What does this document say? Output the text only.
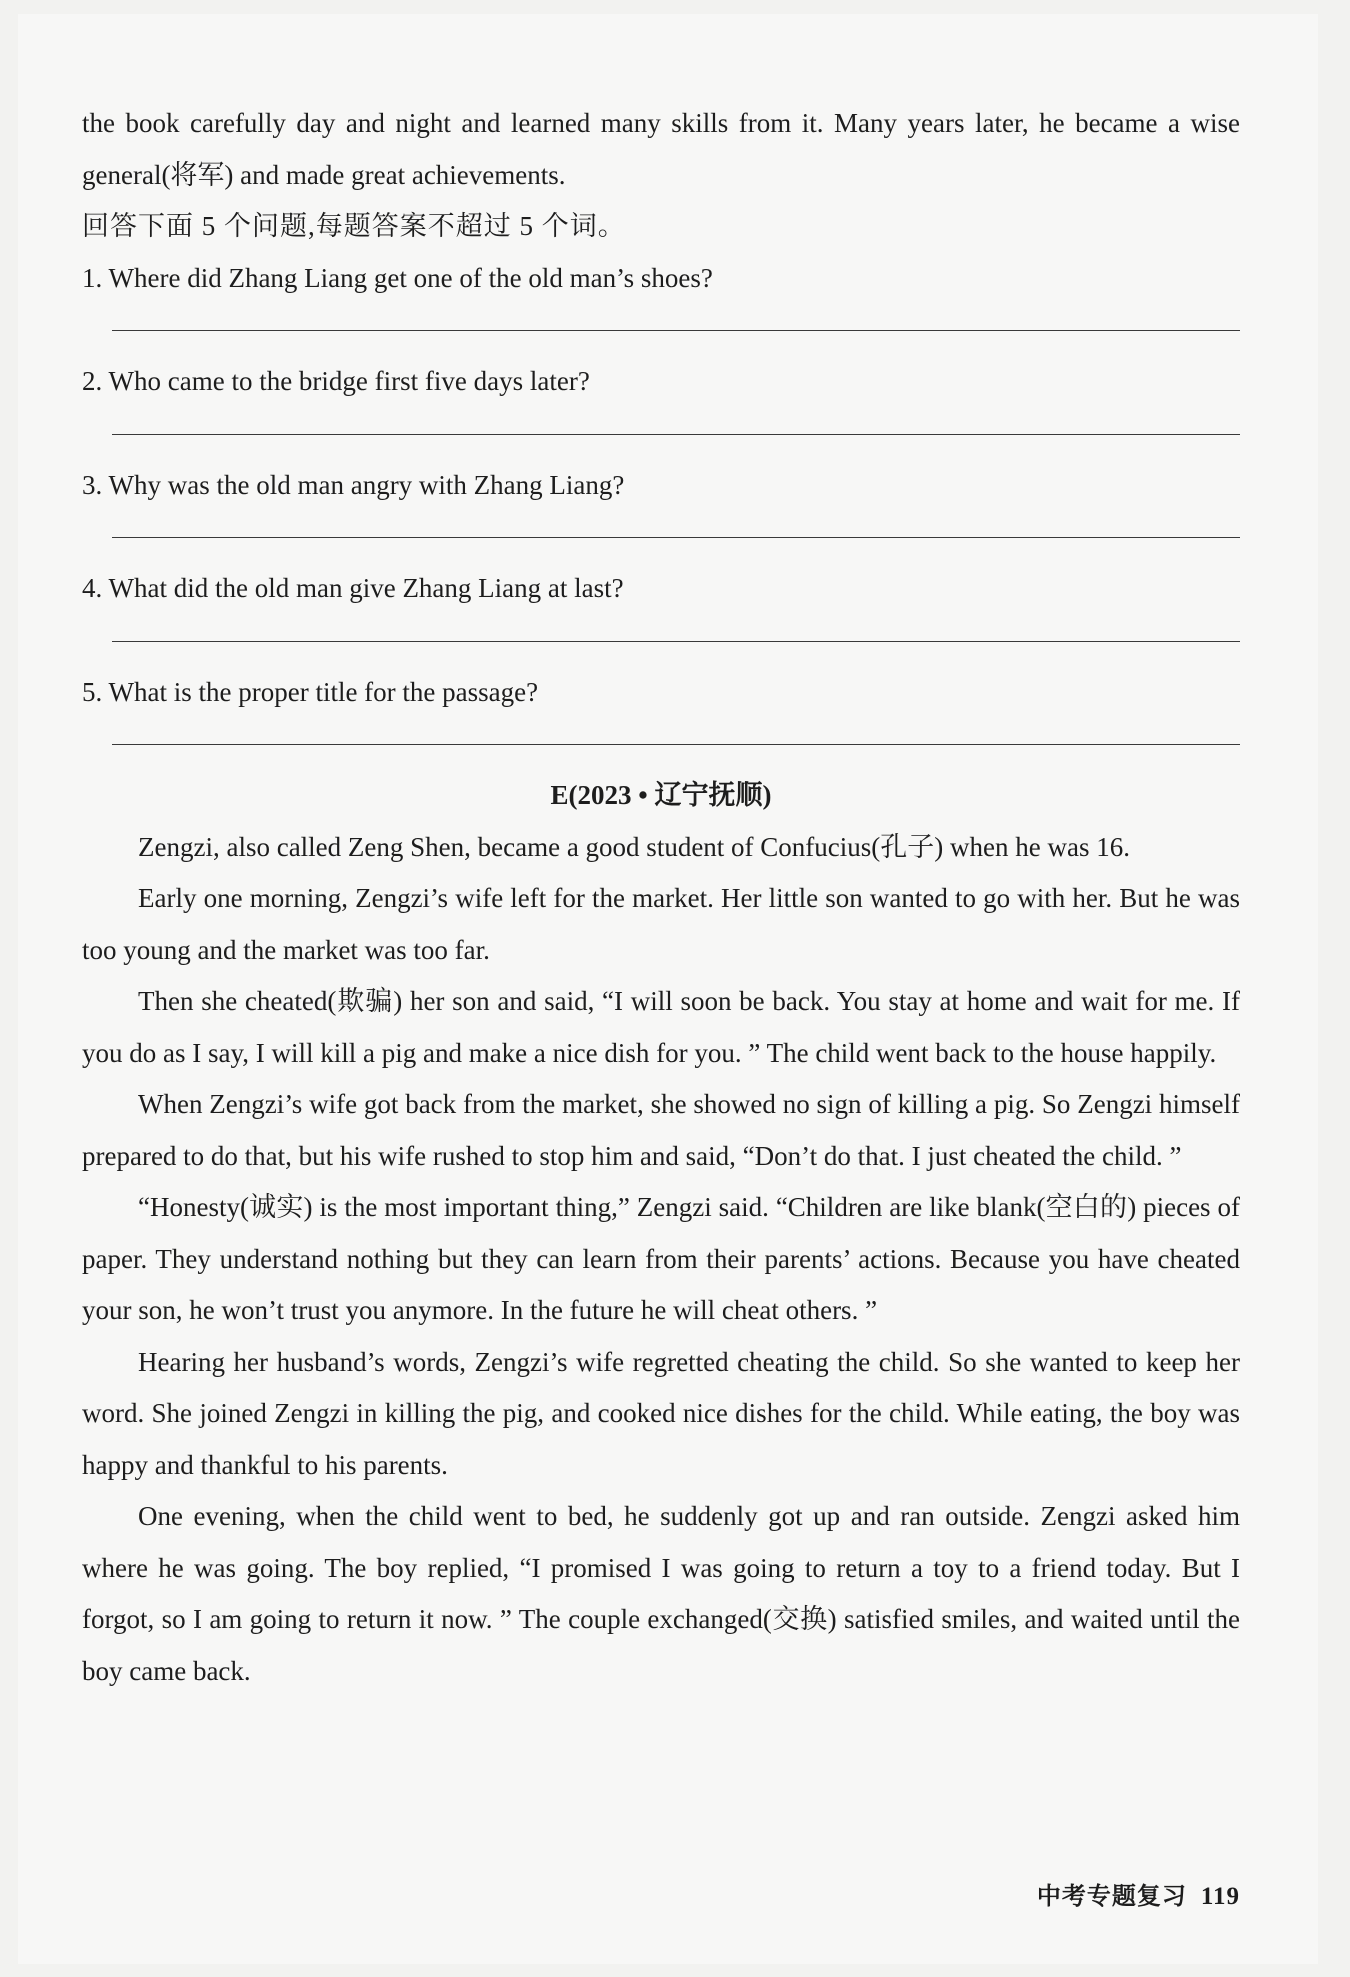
the book carefully day and night and learned many skills from it. Many years later, he became a wise general(将军) and made great achievements.

回答下面 5 个问题,每题答案不超过 5 个词。

1. Where did Zhang Liang get one of the old man’s shoes?

2. Who came to the bridge first five days later?

3. Why was the old man angry with Zhang Liang?

4. What did the old man give Zhang Liang at last?

5. What is the proper title for the passage?

E(2023 • 辽宁抚顺)

Zengzi, also called Zeng Shen, became a good student of Confucius(孔子) when he was 16.

Early one morning, Zengzi’s wife left for the market. Her little son wanted to go with her. But he was too young and the market was too far.

Then she cheated(欺骗) her son and said, “I will soon be back. You stay at home and wait for me. If you do as I say, I will kill a pig and make a nice dish for you. ” The child went back to the house happily.

When Zengzi’s wife got back from the market, she showed no sign of killing a pig. So Zengzi himself prepared to do that, but his wife rushed to stop him and said, “Don’t do that. I just cheated the child. ”

“Honesty(诚实) is the most important thing,” Zengzi said. “Children are like blank(空白的) pieces of paper. They understand nothing but they can learn from their parents’ actions. Because you have cheated your son, he won’t trust you anymore. In the future he will cheat others. ”

Hearing her husband’s words, Zengzi’s wife regretted cheating the child. So she wanted to keep her word. She joined Zengzi in killing the pig, and cooked nice dishes for the child. While eating, the boy was happy and thankful to his parents.

One evening, when the child went to bed, he suddenly got up and ran outside. Zengzi asked him where he was going. The boy replied, “I promised I was going to return a toy to a friend today. But I forgot, so I am going to return it now. ” The couple exchanged(交换) satisfied smiles, and waited until the boy came back.

中考专题复习 119
